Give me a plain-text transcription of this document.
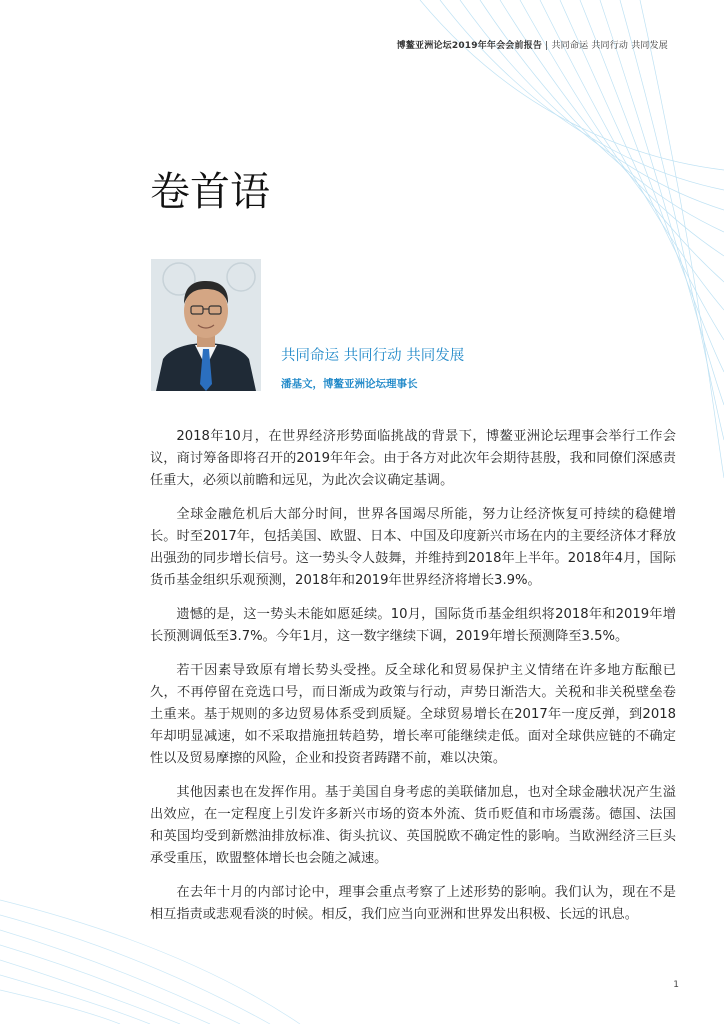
博鳌亚洲论坛2019年年会会前报告 | 共同命运 共同行动 共同发展
卷首语
共同命运 共同行动 共同发展
潘基文，博鳌亚洲论坛理事长

2018年10月，在世界经济形势面临挑战的背景下，博鳌亚洲论坛理事会举行工作会议，商讨筹备即将召开的2019年年会。由于各方对此次年会期待甚殷，我和同僚们深感责任重大，必须以前瞻和远见，为此次会议确定基调。

全球金融危机后大部分时间，世界各国竭尽所能，努力让经济恢复可持续的稳健增长。时至2017年，包括美国、欧盟、日本、中国及印度新兴市场在内的主要经济体才释放出强劲的同步增长信号。这一势头令人鼓舞，并维持到2018年上半年。2018年4月，国际货币基金组织乐观预测，2018年和2019年世界经济将增长3.9%。

遗憾的是，这一势头未能如愿延续。10月，国际货币基金组织将2018年和2019年增长预测调低至3.7%。今年1月，这一数字继续下调，2019年增长预测降至3.5%。

若干因素导致原有增长势头受挫。反全球化和贸易保护主义情绪在许多地方酝酿已久，不再停留在竞选口号，而日渐成为政策与行动，声势日渐浩大。关税和非关税壁垒卷土重来。基于规则的多边贸易体系受到质疑。全球贸易增长在2017年一度反弹，到2018年却明显减速，如不采取措施扭转趋势，增长率可能继续走低。面对全球供应链的不确定性以及贸易摩擦的风险，企业和投资者踌躇不前，难以决策。

其他因素也在发挥作用。基于美国自身考虑的美联储加息，也对全球金融状况产生溢出效应，在一定程度上引发许多新兴市场的资本外流、货币贬值和市场震荡。德国、法国和英国均受到新燃油排放标准、街头抗议、英国脱欧不确定性的影响。当欧洲经济三巨头承受重压，欧盟整体增长也会随之减速。

在去年十月的内部讨论中，理事会重点考察了上述形势的影响。我们认为，现在不是相互指责或悲观看淡的时候。相反，我们应当向亚洲和世界发出积极、长远的讯息。

1
